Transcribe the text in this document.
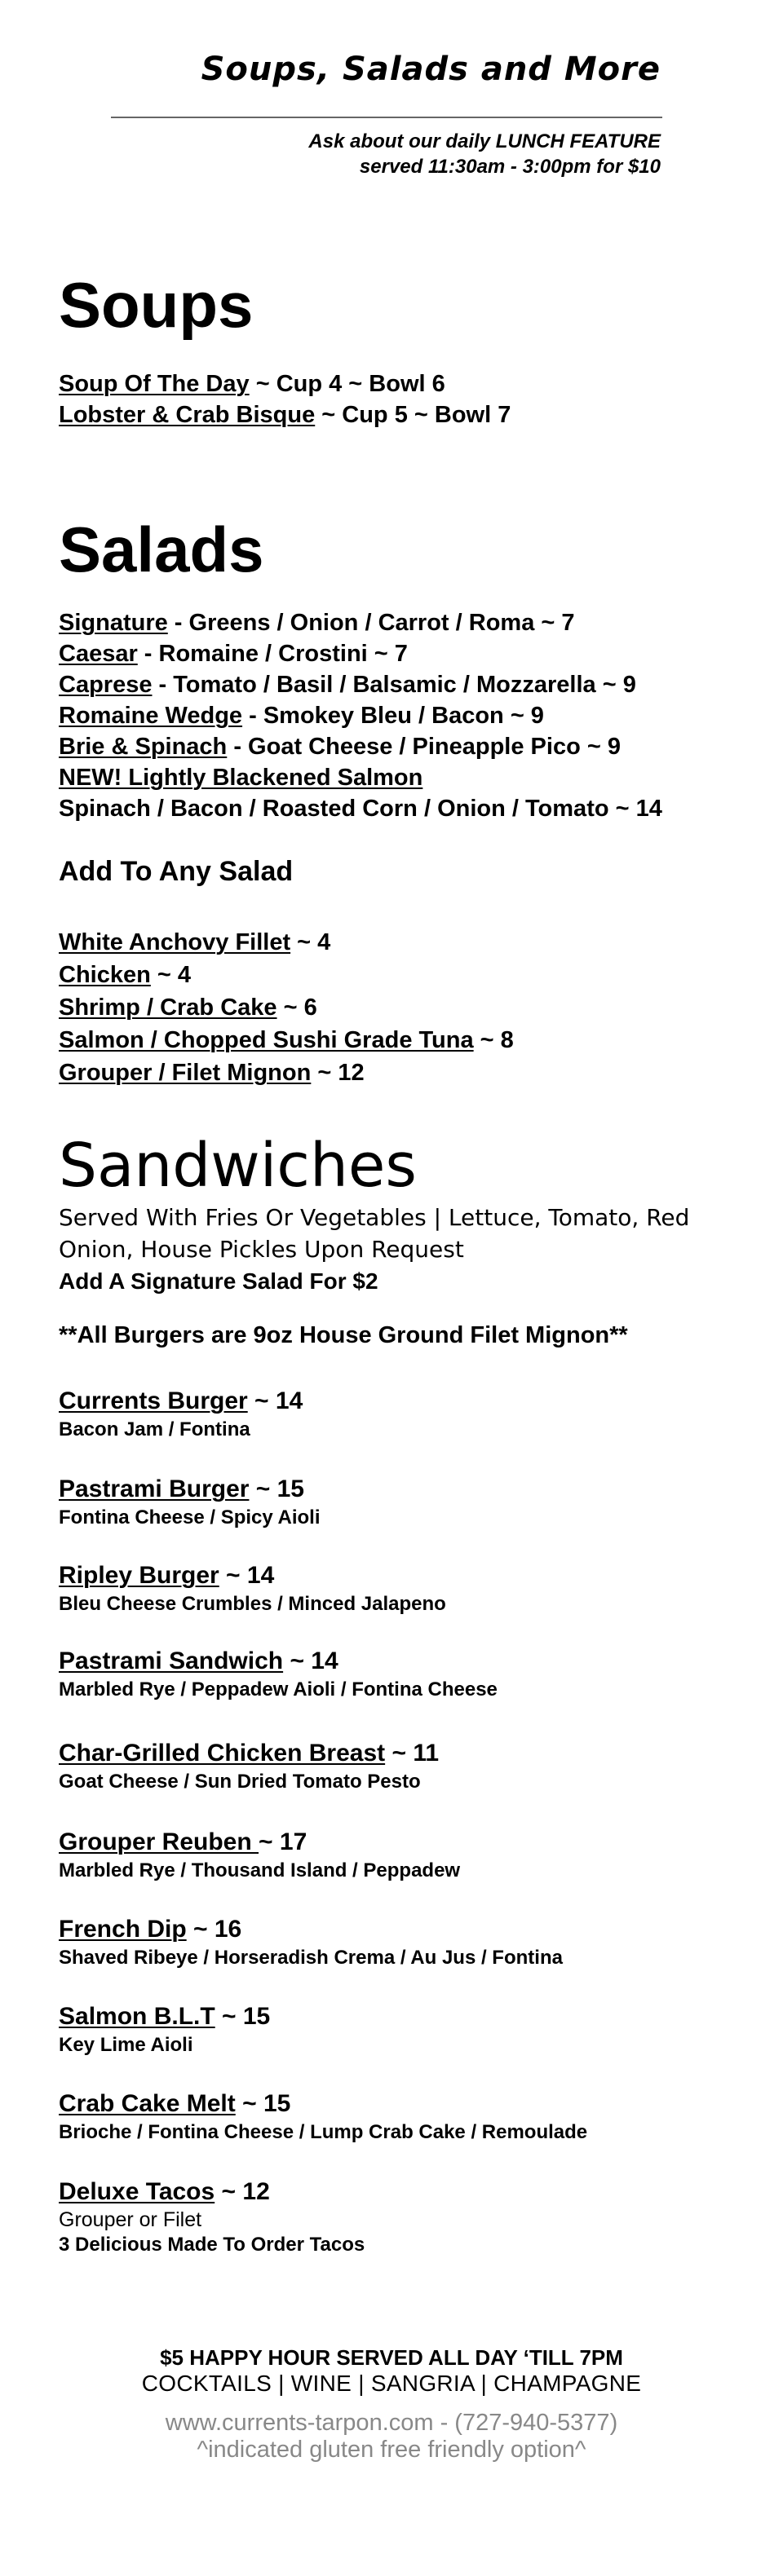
Soups, Salads and More
Ask about our daily LUNCH FEATURE
served 11:30am - 3:00pm for $10
Soups
Soup Of The Day ~ Cup 4 ~ Bowl 6
Lobster & Crab Bisque ~ Cup 5 ~ Bowl 7
Salads
Signature - Greens / Onion / Carrot / Roma ~ 7
Caesar - Romaine / Crostini ~ 7
Caprese - Tomato / Basil / Balsamic / Mozzarella ~ 9
Romaine Wedge - Smokey Bleu / Bacon ~ 9
Brie & Spinach - Goat Cheese / Pineapple Pico ~ 9
NEW! Lightly Blackened Salmon
Spinach / Bacon / Roasted Corn / Onion / Tomato ~ 14
Add To Any Salad
White Anchovy Fillet ~ 4
Chicken ~ 4
Shrimp / Crab Cake ~ 6
Salmon / Chopped Sushi Grade Tuna ~ 8
Grouper / Filet Mignon ~ 12
Sandwiches
Served With Fries Or Vegetables | Lettuce, Tomato, Red Onion, House Pickles Upon Request
Add A Signature Salad For $2
**All Burgers are 9oz House Ground Filet Mignon**
Currents Burger ~ 14
Bacon Jam / Fontina
Pastrami Burger ~ 15
Fontina Cheese / Spicy Aioli
Ripley Burger ~ 14
Bleu Cheese Crumbles / Minced Jalapeno
Pastrami Sandwich ~ 14
Marbled Rye / Peppadew Aioli / Fontina Cheese
Char-Grilled Chicken Breast ~ 11
Goat Cheese / Sun Dried Tomato Pesto
Grouper Reuben ~ 17
Marbled Rye / Thousand Island / Peppadew
French Dip ~ 16
Shaved Ribeye / Horseradish Crema / Au Jus / Fontina
Salmon B.L.T ~ 15
Key Lime Aioli
Crab Cake Melt ~ 15
Brioche / Fontina Cheese / Lump Crab Cake / Remoulade
Deluxe Tacos ~ 12
Grouper or Filet
3 Delicious Made To Order Tacos
$5 HAPPY HOUR SERVED ALL DAY ‘TILL 7PM
COCKTAILS | WINE | SANGRIA | CHAMPAGNE
www.currents-tarpon.com - (727-940-5377)
^indicated gluten free friendly option^
